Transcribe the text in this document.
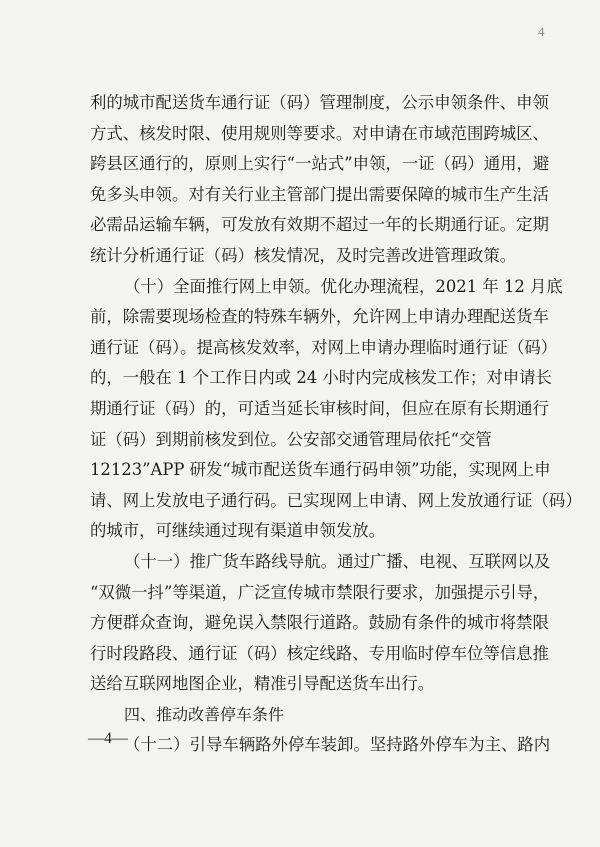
4
利的城市配送货车通行证（码）管理制度，公示申领条件、申领
方式、核发时限、使用规则等要求。对申请在市域范围跨城区、
跨县区通行的，原则上实行“一站式”申领，一证（码）通用，避
免多头申领。对有关行业主管部门提出需要保障的城市生产生活
必需品运输车辆，可发放有效期不超过一年的长期通行证。定期
统计分析通行证（码）核发情况，及时完善改进管理政策。
（十）全面推行网上申领。优化办理流程，2021 年 12 月底
前，除需要现场检查的特殊车辆外，允许网上申请办理配送货车
通行证（码）。提高核发效率，对网上申请办理临时通行证（码）
的，一般在 1 个工作日内或 24 小时内完成核发工作；对申请长
期通行证（码）的，可适当延长审核时间，但应在原有长期通行
证（码）到期前核发到位。公安部交通管理局依托“交管
12123”APP 研发“城市配送货车通行码申领”功能，实现网上申
请、网上发放电子通行码。已实现网上申请、网上发放通行证（码）
的城市，可继续通过现有渠道申领发放。
（十一）推广货车路线导航。通过广播、电视、互联网以及
“双微一抖”等渠道，广泛宣传城市禁限行要求，加强提示引导，
方便群众查询，避免误入禁限行道路。鼓励有条件的城市将禁限
行时段路段、通行证（码）核定线路、专用临时停车位等信息推
送给互联网地图企业，精准引导配送货车出行。
四、推动改善停车条件
（十二）引导车辆路外停车装卸。坚持路外停车为主、路内
—4—
